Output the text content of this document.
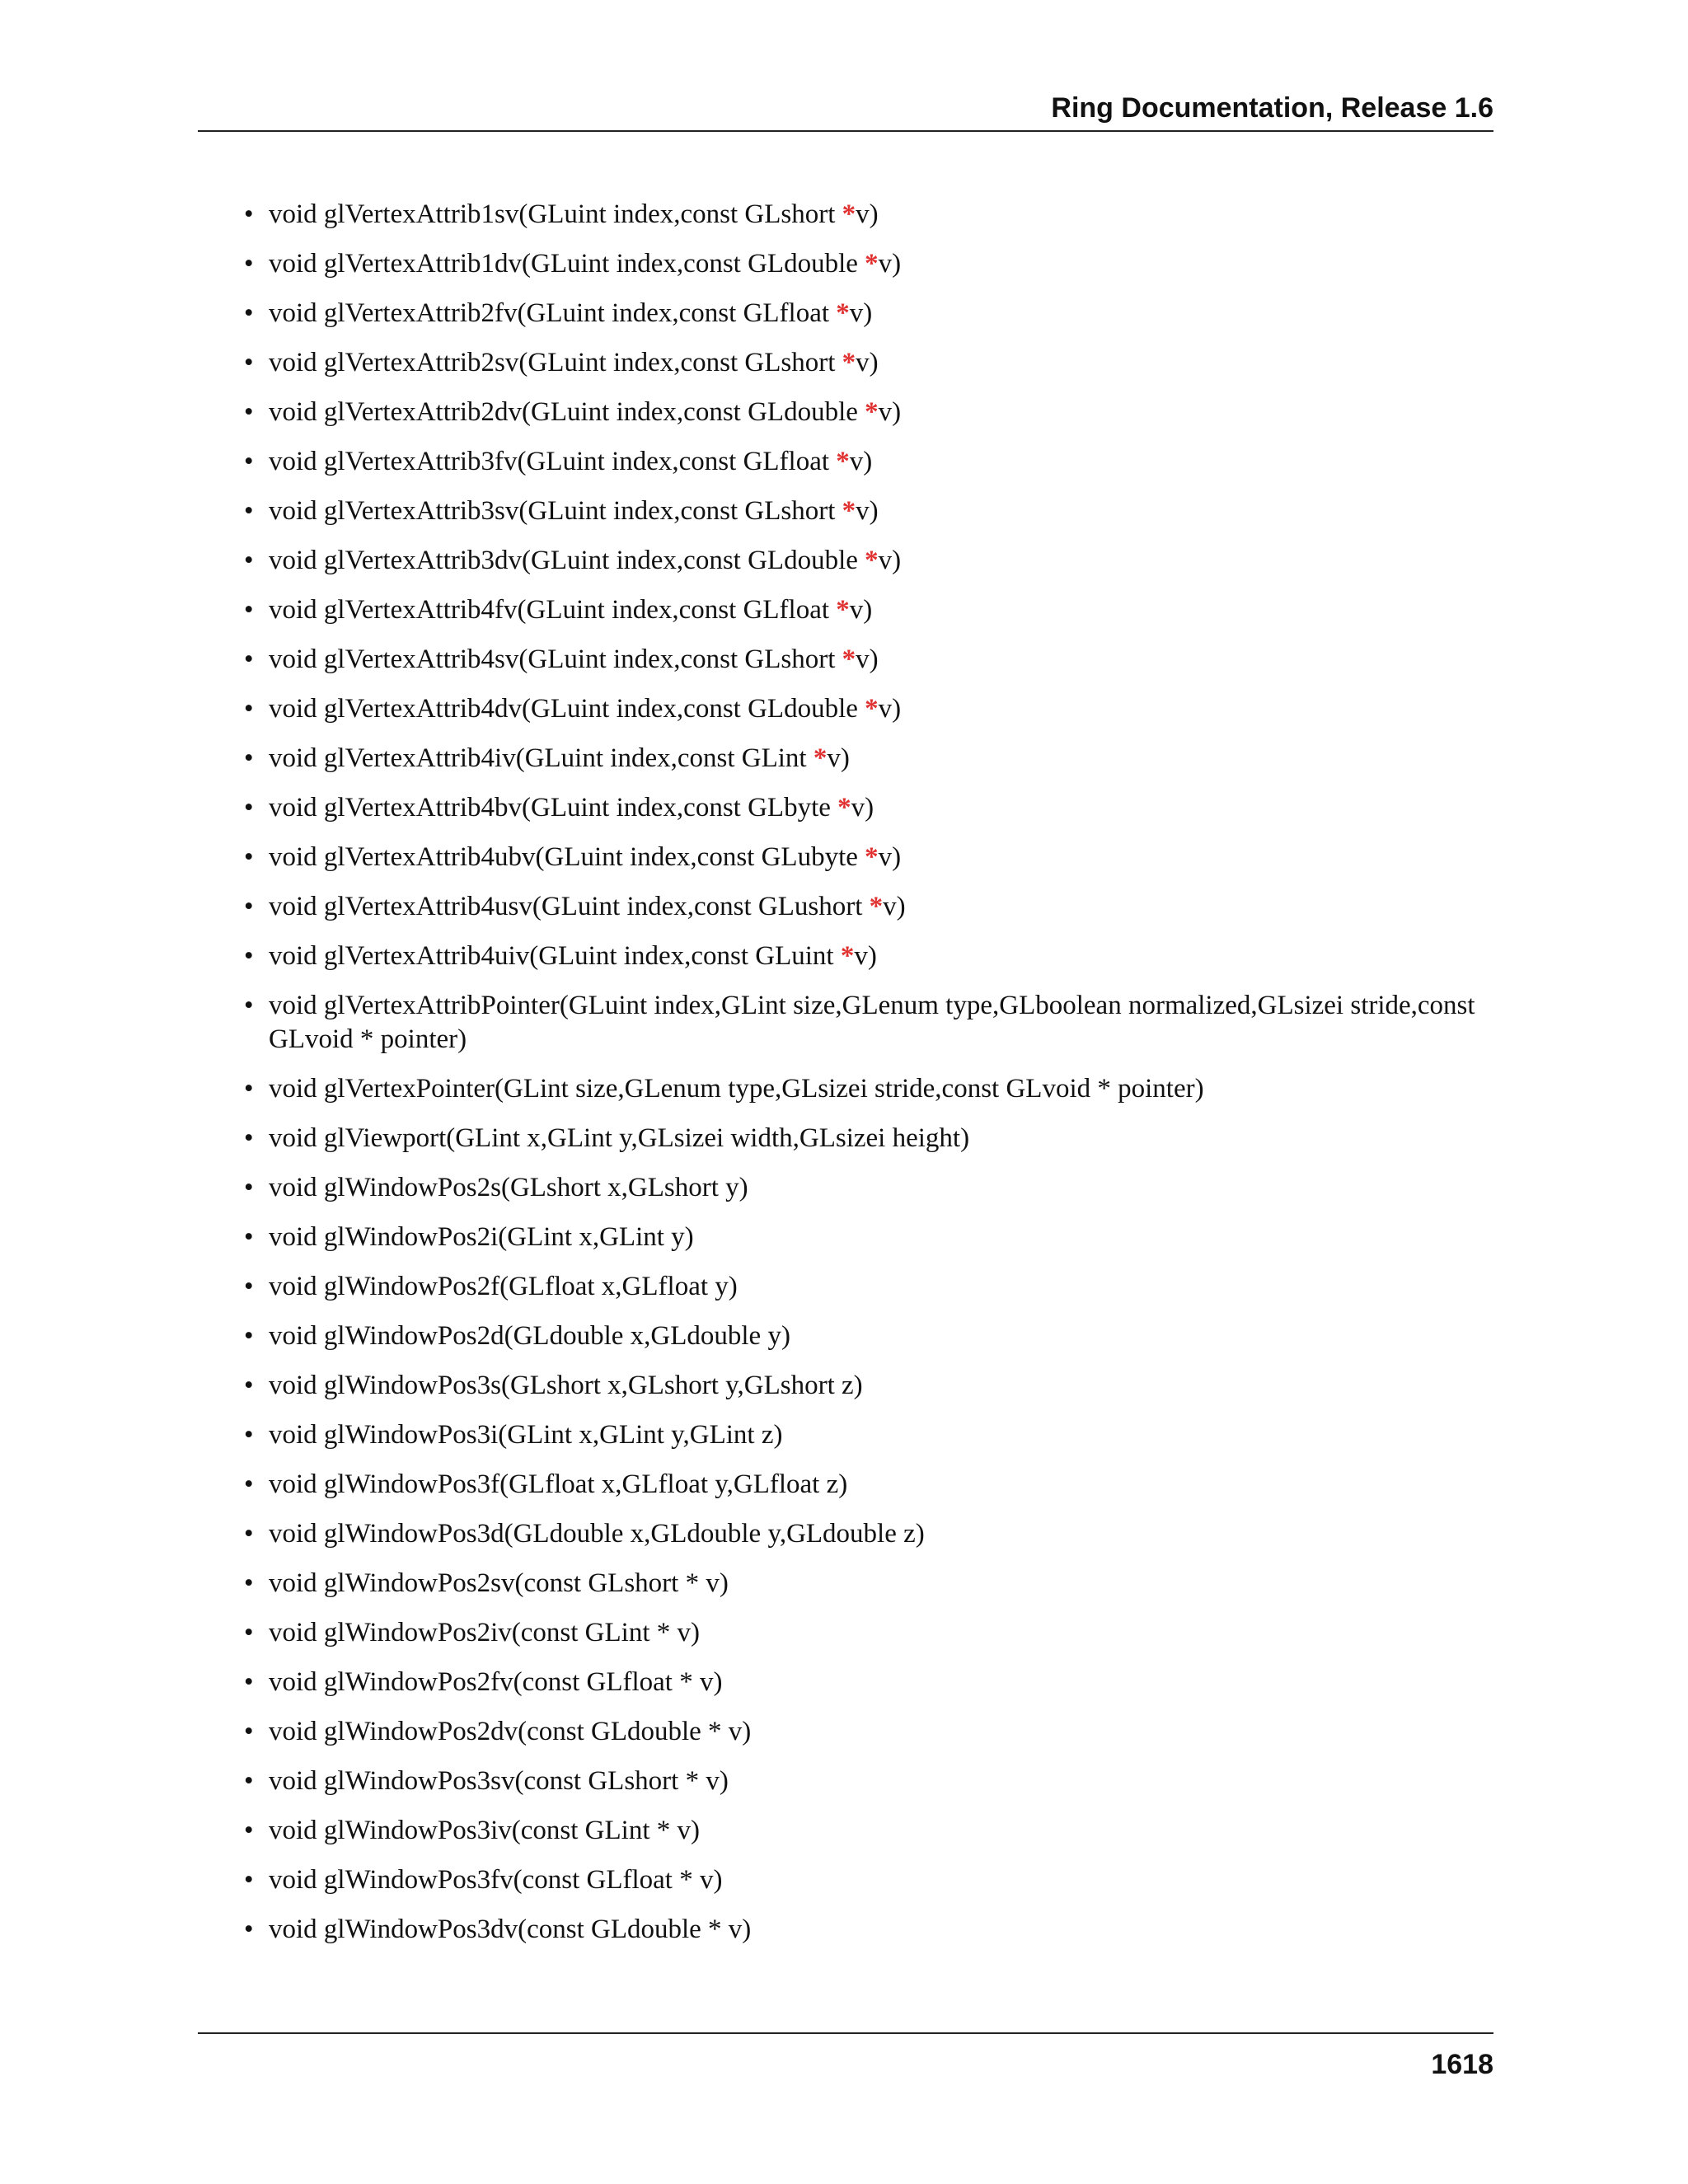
Ring Documentation, Release 1.6
• void glVertexAttrib1sv(GLuint index,const GLshort *v)
• void glVertexAttrib1dv(GLuint index,const GLdouble *v)
• void glVertexAttrib2fv(GLuint index,const GLfloat *v)
• void glVertexAttrib2sv(GLuint index,const GLshort *v)
• void glVertexAttrib2dv(GLuint index,const GLdouble *v)
• void glVertexAttrib3fv(GLuint index,const GLfloat *v)
• void glVertexAttrib3sv(GLuint index,const GLshort *v)
• void glVertexAttrib3dv(GLuint index,const GLdouble *v)
• void glVertexAttrib4fv(GLuint index,const GLfloat *v)
• void glVertexAttrib4sv(GLuint index,const GLshort *v)
• void glVertexAttrib4dv(GLuint index,const GLdouble *v)
• void glVertexAttrib4iv(GLuint index,const GLint *v)
• void glVertexAttrib4bv(GLuint index,const GLbyte *v)
• void glVertexAttrib4ubv(GLuint index,const GLubyte *v)
• void glVertexAttrib4usv(GLuint index,const GLushort *v)
• void glVertexAttrib4uiv(GLuint index,const GLuint *v)
• void glVertexAttribPointer(GLuint index,GLint size,GLenum type,GLboolean normalized,GLsizei stride,const GLvoid * pointer)
• void glVertexPointer(GLint size,GLenum type,GLsizei stride,const GLvoid * pointer)
• void glViewport(GLint x,GLint y,GLsizei width,GLsizei height)
• void glWindowPos2s(GLshort x,GLshort y)
• void glWindowPos2i(GLint x,GLint y)
• void glWindowPos2f(GLfloat x,GLfloat y)
• void glWindowPos2d(GLdouble x,GLdouble y)
• void glWindowPos3s(GLshort x,GLshort y,GLshort z)
• void glWindowPos3i(GLint x,GLint y,GLint z)
• void glWindowPos3f(GLfloat x,GLfloat y,GLfloat z)
• void glWindowPos3d(GLdouble x,GLdouble y,GLdouble z)
• void glWindowPos2sv(const GLshort * v)
• void glWindowPos2iv(const GLint * v)
• void glWindowPos2fv(const GLfloat * v)
• void glWindowPos2dv(const GLdouble * v)
• void glWindowPos3sv(const GLshort * v)
• void glWindowPos3iv(const GLint * v)
• void glWindowPos3fv(const GLfloat * v)
• void glWindowPos3dv(const GLdouble * v)
1618
